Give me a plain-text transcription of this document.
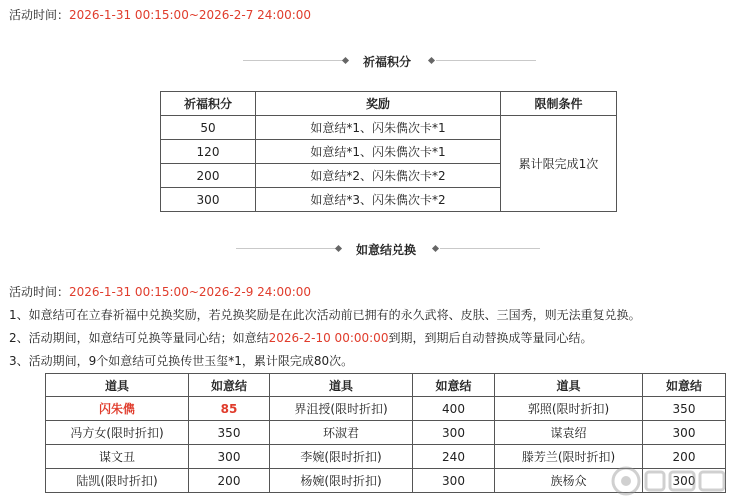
活动时间：2026-1-31 00:15:00~2026-2-7 24:00:00
祈福积分
祈福积分	奖励	限制条件
50	如意结*1、闪朱儁次卡*1	累计限完成1次
120	如意结*1、闪朱儁次卡*1	
200	如意结*2、闪朱儁次卡*2	
300	如意结*3、闪朱儁次卡*2	
如意结兑换
活动时间：2026-1-31 00:15:00~2026-2-9 24:00:00
1、如意结可在立春祈福中兑换奖励，若兑换奖励是在此次活动前已拥有的永久武将、皮肤、三国秀，则无法重复兑换。
2、活动期间，如意结可兑换等量同心结；如意结2026-2-10 00:00:00到期，到期后自动替换成等量同心结。
3、活动期间，9个如意结可兑换传世玉玺*1，累计限完成80次。
道具	如意结	道具	如意结	道具	如意结
闪朱儁	85	界沮授(限时折扣)	400	郭照(限时折扣)	350
冯方女(限时折扣)	350	环淑君	300	谋袁绍	300
谋文丑	300	李婉(限时折扣)	240	滕芳兰(限时折扣)	200
陆凯(限时折扣)	200	杨婉(限时折扣)	300	族杨众	300
